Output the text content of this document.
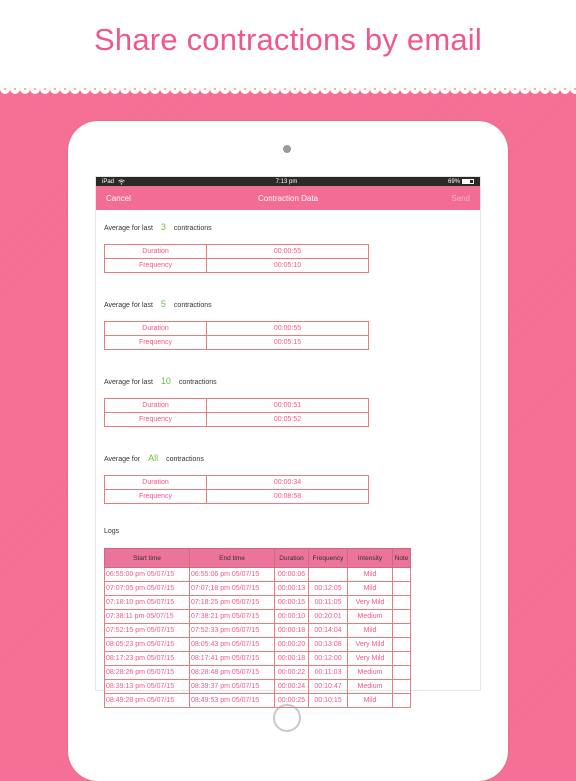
Share contractions by email
iPad	7:13 pm	69%
Cancel	Contraction Data	Send
Average for last 3 contractions
Duration	00:00:55
Frequency	00:05:10
Average for last 5 contractions
Duration	00:00:55
Frequency	00:05:15
Average for last 10 contractions
Duration	00:00:51
Frequency	00:05:52
Average for All contractions
Duration	00:00:34
Frequency	00:08:58
Logs
Start time	End time	Duration	Frequency	Intensity	Note
06:55:00 pm 05/07/15	06:55:06 pm 05/07/15	00:00:06		Mild	
07:07:05 pm 05/07/15	07:07:18 pm 05/07/15	00:00:13	00:12:05	Mild	
07:18:10 pm 05/07/15	07:18:25 pm 05/07/15	00:00:15	00:11:05	Very Mild	
07:38:11 pm 05/07/15	07:38:21 pm 05/07/15	00:00:10	00:20:01	Medium	
07:52:15 pm 05/07/15	07:52:33 pm 05/07/15	00:00:18	00:14:04	Mild	
08:05:23 pm 05/07/15	08:05:43 pm 05/07/15	00:00:20	00:13:08	Very Mild	
08:17:23 pm 05/07/15	08:17:41 pm 05/07/15	00:00:18	00:12:00	Very Mild	
08:28:26 pm 05/07/15	08:28:48 pm 05/07/15	00:00:22	00:11:03	Medium	
08:39:13 pm 05/07/15	08:39:37 pm 05/07/15	00:00:24	00:10:47	Medium	
08:49:28 pm 05/07/15	08:49:53 pm 05/07/15	00:00:25	00:10:15	Mild	
